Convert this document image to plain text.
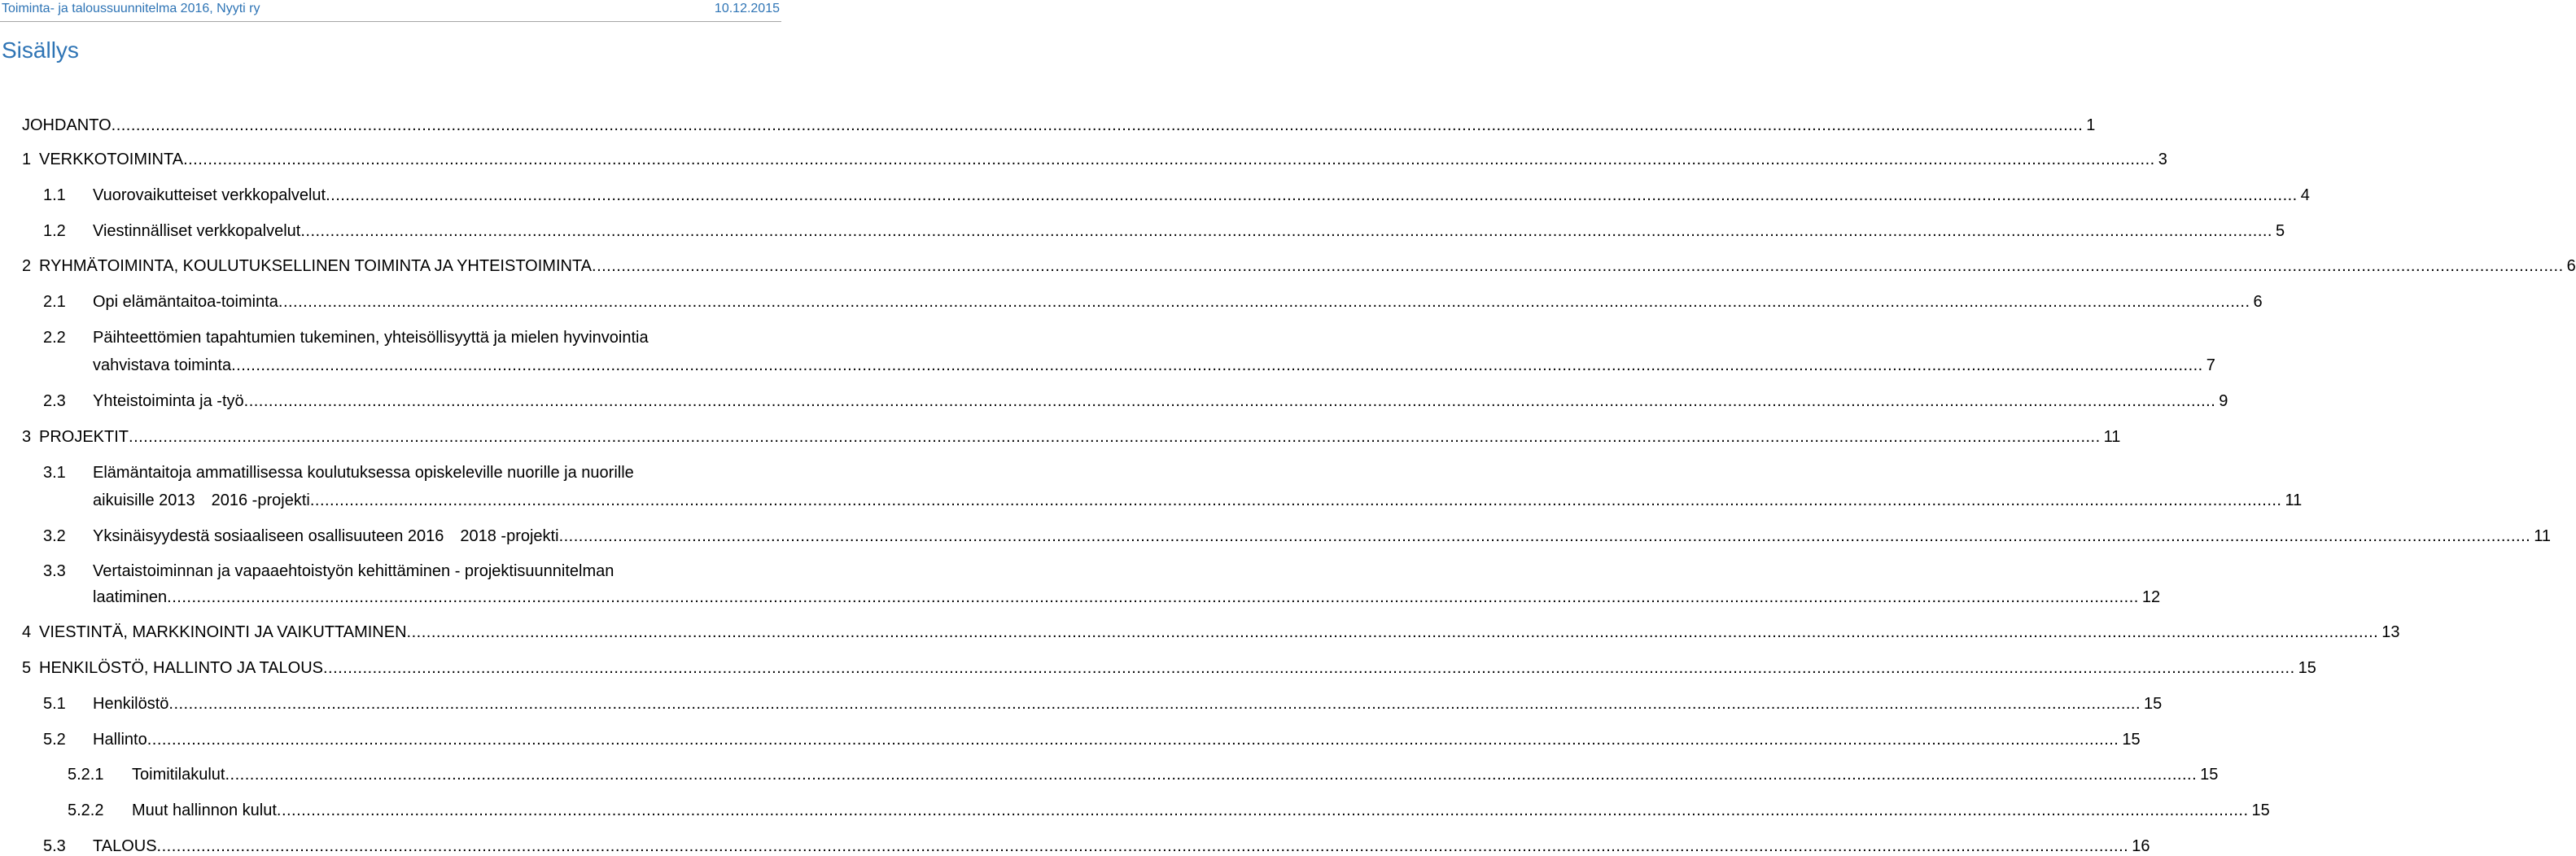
Toiminta- ja taloussuunnitelma 2016, Nyyti ry	10.12.2015
Sisällys
JOHDANTO ................................................................................................................................................................................................................................................................................................................................................................................................................ 1
1 VERKKOTOIMINTA ................................................................................................................................................................................................................................................................................................................................................................................................................ 3
1.1 Vuorovaikutteiset verkkopalvelut ................................................................................................................................................................................................................................................................................................................................................................................................................ 4
1.2 Viestinnälliset verkkopalvelut ................................................................................................................................................................................................................................................................................................................................................................................................................ 5
2 RYHMÄTOIMINTA, KOULUTUKSELLINEN TOIMINTA JA YHTEISTOIMINTA ................................................................................................................................................................................................................................................................................................................................................................................................................ 6
2.1 Opi elämäntaitoa-toiminta ................................................................................................................................................................................................................................................................................................................................................................................................................ 6
2.2 Päihteettömien tapahtumien tukeminen, yhteisöllisyyttä ja mielen hyvinvointia
vahvistava toiminta ................................................................................................................................................................................................................................................................................................................................................................................................................ 7
2.3 Yhteistoiminta ja -työ ................................................................................................................................................................................................................................................................................................................................................................................................................ 9
3 PROJEKTIT ................................................................................................................................................................................................................................................................................................................................................................................................................ 11
3.1 Elämäntaitoja ammatillisessa koulutuksessa opiskeleville nuorille ja nuorille
aikuisille 2013 2016 -projekti ................................................................................................................................................................................................................................................................................................................................................................................................................ 11
3.2 Yksinäisyydestä sosiaaliseen osallisuuteen 2016 2018 -projekti ................................................................................................................................................................................................................................................................................................................................................................................................................ 11
3.3 Vertaistoiminnan ja vapaaehtoistyön kehittäminen - projektisuunnitelman
laatiminen ................................................................................................................................................................................................................................................................................................................................................................................................................ 12
4 VIESTINTÄ, MARKKINOINTI JA VAIKUTTAMINEN ................................................................................................................................................................................................................................................................................................................................................................................................................ 13
5 HENKILÖSTÖ, HALLINTO JA TALOUS ................................................................................................................................................................................................................................................................................................................................................................................................................ 15
5.1 Henkilöstö ................................................................................................................................................................................................................................................................................................................................................................................................................ 15
5.2 Hallinto ................................................................................................................................................................................................................................................................................................................................................................................................................ 15
5.2.1 Toimitilakulut ................................................................................................................................................................................................................................................................................................................................................................................................................ 15
5.2.2 Muut hallinnon kulut ................................................................................................................................................................................................................................................................................................................................................................................................................ 15
5.3 TALOUS ................................................................................................................................................................................................................................................................................................................................................................................................................ 16
